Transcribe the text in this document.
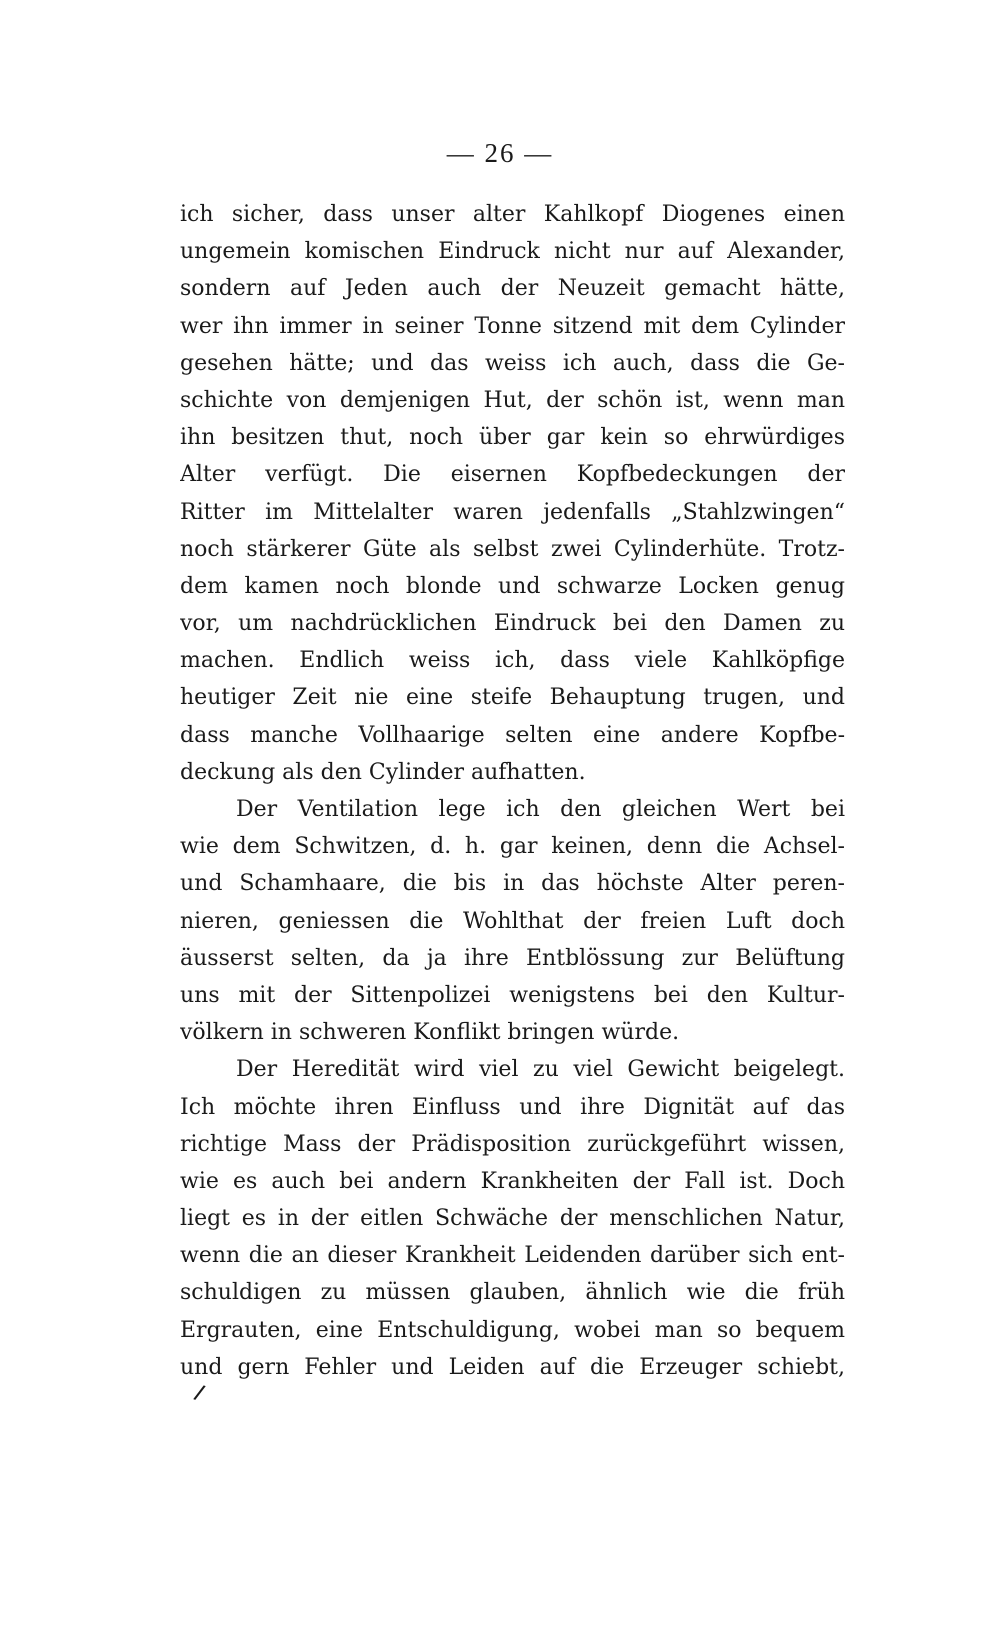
— 26 —
ich sicher, dass unser alter Kahlkopf Diogenes einen
ungemein komischen Eindruck nicht nur auf Alexander,
sondern auf Jeden auch der Neuzeit gemacht hätte,
wer ihn immer in seiner Tonne sitzend mit dem Cylinder
gesehen hätte; und das weiss ich auch, dass die Ge-
schichte von demjenigen Hut, der schön ist, wenn man
ihn besitzen thut, noch über gar kein so ehrwürdiges
Alter verfügt. Die eisernen Kopfbedeckungen der
Ritter im Mittelalter waren jedenfalls „Stahlzwingen“
noch stärkerer Güte als selbst zwei Cylinderhüte. Trotz-
dem kamen noch blonde und schwarze Locken genug
vor, um nachdrücklichen Eindruck bei den Damen zu
machen. Endlich weiss ich, dass viele Kahlköpfige
heutiger Zeit nie eine steife Behauptung trugen, und
dass manche Vollhaarige selten eine andere Kopfbe-
deckung als den Cylinder aufhatten.
Der Ventilation lege ich den gleichen Wert bei
wie dem Schwitzen, d. h. gar keinen, denn die Achsel-
und Schamhaare, die bis in das höchste Alter peren-
nieren, geniessen die Wohlthat der freien Luft doch
äusserst selten, da ja ihre Entblössung zur Belüftung
uns mit der Sittenpolizei wenigstens bei den Kultur-
völkern in schweren Konflikt bringen würde.
Der Heredität wird viel zu viel Gewicht beigelegt.
Ich möchte ihren Einfluss und ihre Dignität auf das
richtige Mass der Prädisposition zurückgeführt wissen,
wie es auch bei andern Krankheiten der Fall ist. Doch
liegt es in der eitlen Schwäche der menschlichen Natur,
wenn die an dieser Krankheit Leidenden darüber sich ent-
schuldigen zu müssen glauben, ähnlich wie die früh
Ergrauten, eine Entschuldigung, wobei man so bequem
und gern Fehler und Leiden auf die Erzeuger schiebt,
/
